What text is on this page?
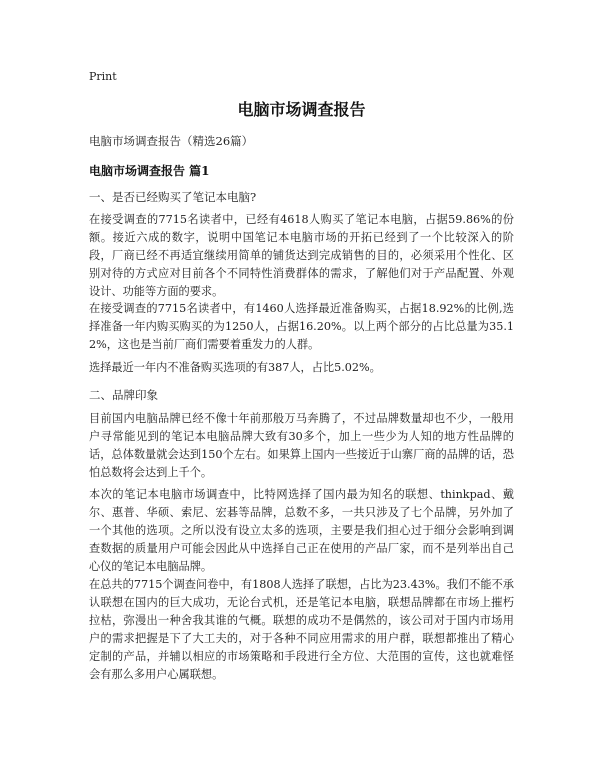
Print
电脑市场调查报告
电脑市场调查报告（精选26篇）
电脑市场调查报告 篇1
一、是否已经购买了笔记本电脑?
在接受调查的7715名读者中，已经有4618人购买了笔记本电脑，占据59.86%的份额。接近六成的数字，说明中国笔记本电脑市场的开拓已经到了一个比较深入的阶段，厂商已经不再适宜继续用简单的铺货达到完成销售的目的，必须采用个性化、区别对待的方式应对目前各个不同特性消费群体的需求，了解他们对于产品配置、外观设计、功能等方面的要求。
在接受调查的7715名读者中，有1460人选择最近准备购买，占据18.92%的比例,选择准备一年内购买购买的为1250人，占据16.20%。以上两个部分的占比总量为35.12%，这也是当前厂商们需要着重发力的人群。
选择最近一年内不准备购买选项的有387人，占比5.02%。
二、品牌印象
目前国内电脑品牌已经不像十年前那般万马奔腾了，不过品牌数量却也不少，一般用户寻常能见到的笔记本电脑品牌大致有30多个，加上一些少为人知的地方性品牌的话，总体数量就会达到150个左右。如果算上国内一些接近于山寨厂商的品牌的话，恐怕总数将会达到上千个。
本次的笔记本电脑市场调查中，比特网选择了国内最为知名的联想、thinkpad、戴尔、惠普、华硕、索尼、宏碁等品牌，总数不多，一共只涉及了七个品牌，另外加了一个其他的选项。之所以没有设立太多的选项，主要是我们担心过于细分会影响到调查数据的质量用户可能会因此从中选择自己正在使用的产品厂家，而不是列举出自己心仪的笔记本电脑品牌。
在总共的7715个调查问卷中，有1808人选择了联想，占比为23.43%。我们不能不承认联想在国内的巨大成功，无论台式机，还是笔记本电脑，联想品牌都在市场上摧朽拉枯，弥漫出一种舍我其谁的气概。联想的成功不是偶然的，该公司对于国内市场用户的需求把握是下了大工夫的，对于各种不同应用需求的用户群，联想都推出了精心定制的产品，并辅以相应的市场策略和手段进行全方位、大范围的宣传，这也就难怪会有那么多用户心属联想。
